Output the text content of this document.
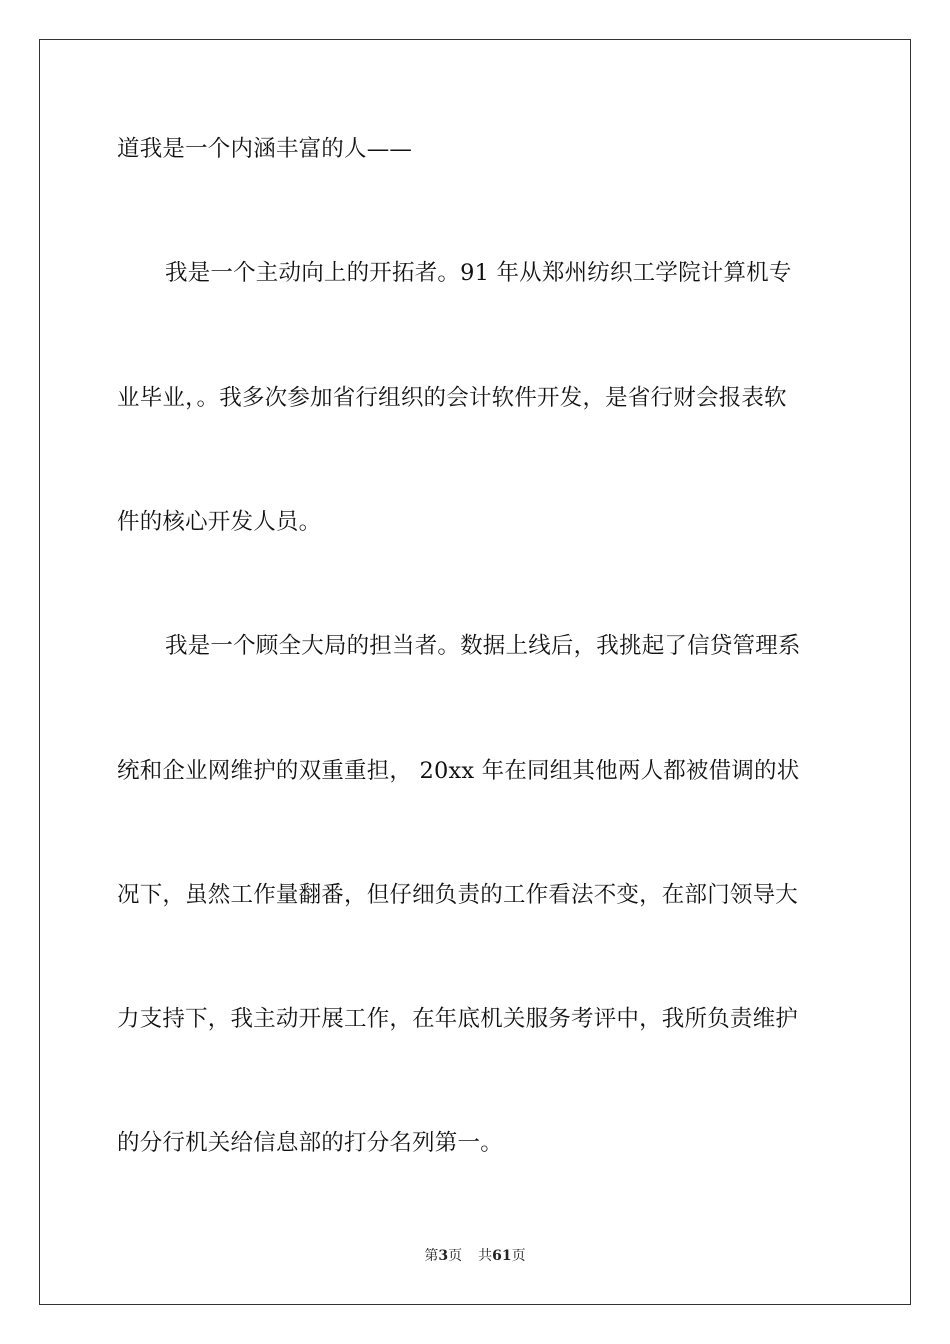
道我是一个内涵丰富的人——
我是一个主动向上的开拓者。91 年从郑州纺织工学院计算机专
业毕业，。我多次参加省行组织的会计软件开发，是省行财会报表软
件的核心开发人员。
我是一个顾全大局的担当者。数据上线后，我挑起了信贷管理系
统和企业网维护的双重重担， 20xx 年在同组其他两人都被借调的状
况下，虽然工作量翻番，但仔细负责的工作看法不变，在部门领导大
力支持下，我主动开展工作，在年底机关服务考评中，我所负责维护
的分行机关给信息部的打分名列第一。
第3页 共61页
